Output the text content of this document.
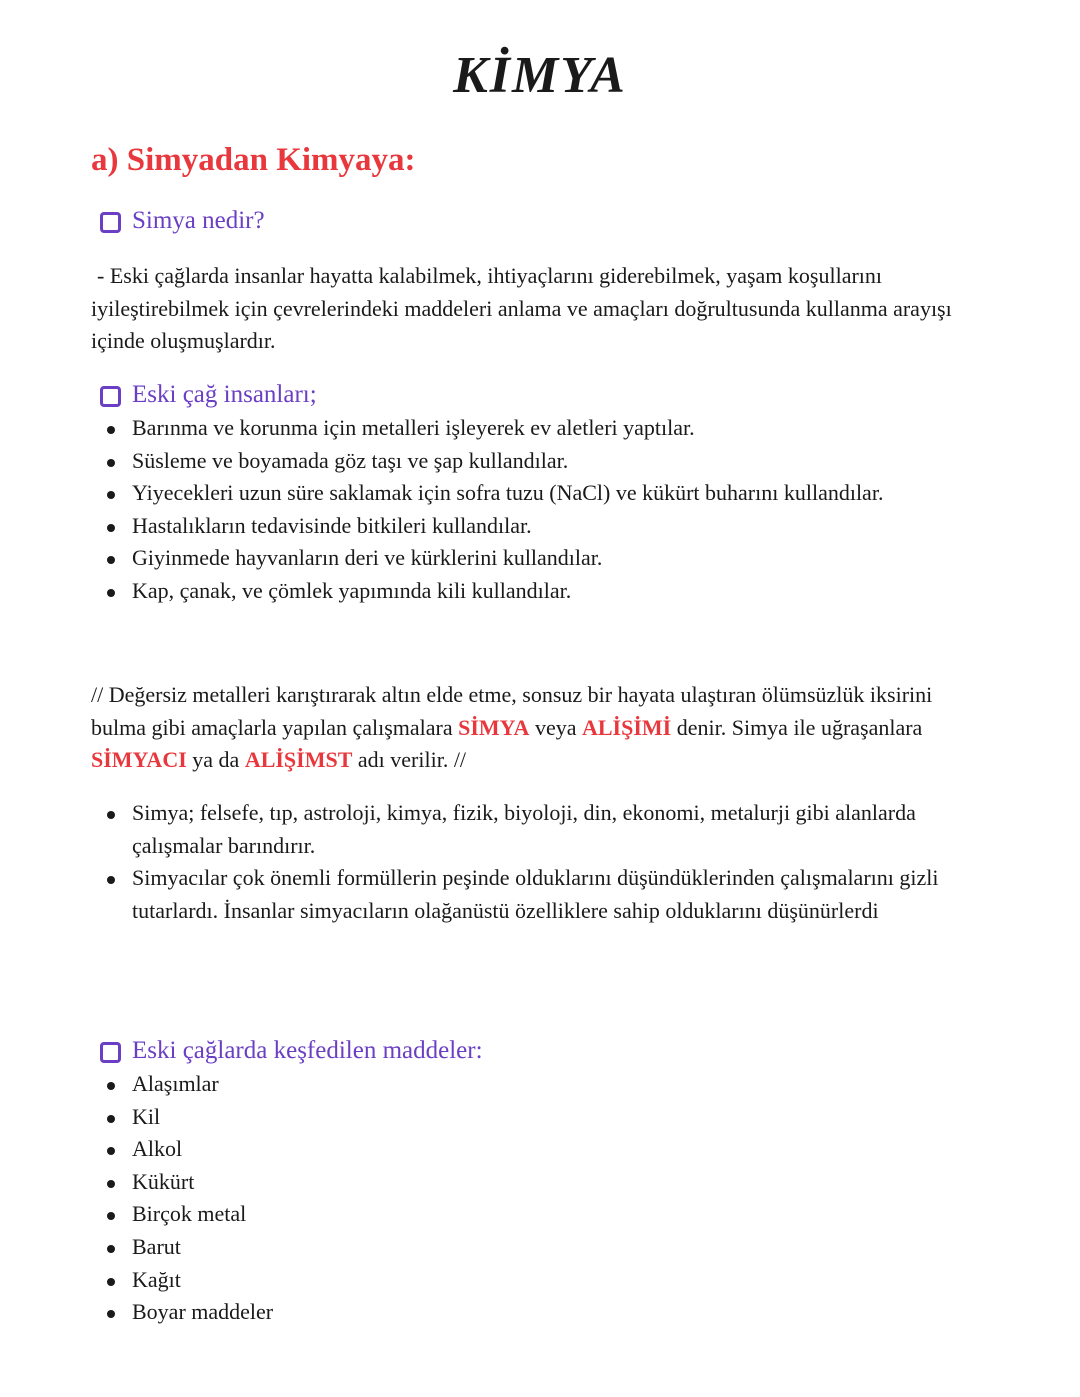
KİMYA
a) Simyadan Kimyaya:

Simya nedir?

- Eski çağlarda insanlar hayatta kalabilmek, ihtiyaçlarını giderebilmek, yaşam koşullarını iyileştirebilmek için çevrelerindeki maddeleri anlama ve amaçları doğrultusunda kullanma arayışı içinde oluşmuşlardır.

Eski çağ insanları;

Barınma ve korunma için metalleri işleyerek ev aletleri yaptılar.
Süsleme ve boyamada göz taşı ve şap kullandılar.
Yiyecekleri uzun süre saklamak için sofra tuzu (NaCl) ve kükürt buharını kullandılar.
Hastalıkların tedavisinde bitkileri kullandılar.
Giyinmede hayvanların deri ve kürklerini kullandılar.
Kap, çanak, ve çömlek yapımında kili kullandılar.

// Değersiz metalleri karıştırarak altın elde etme, sonsuz bir hayata ulaştıran ölümsüzlük iksirini bulma gibi amaçlarla yapılan çalışmalara SİMYA veya ALİŞİMİ denir. Simya ile uğraşanlara SİMYACI ya da ALİŞİMST adı verilir. //

Simya; felsefe, tıp, astroloji, kimya, fizik, biyoloji, din, ekonomi, metalurji gibi alanlarda çalışmalar barındırır.
Simyacılar çok önemli formüllerin peşinde olduklarını düşündüklerinden çalışmalarını gizli tutarlardı. İnsanlar simyacıların olağanüstü özelliklere sahip olduklarını düşünürlerdi

Eski çağlarda keşfedilen maddeler:

Alaşımlar
Kil
Alkol
Kükürt
Birçok metal
Barut
Kağıt
Boyar maddeler
